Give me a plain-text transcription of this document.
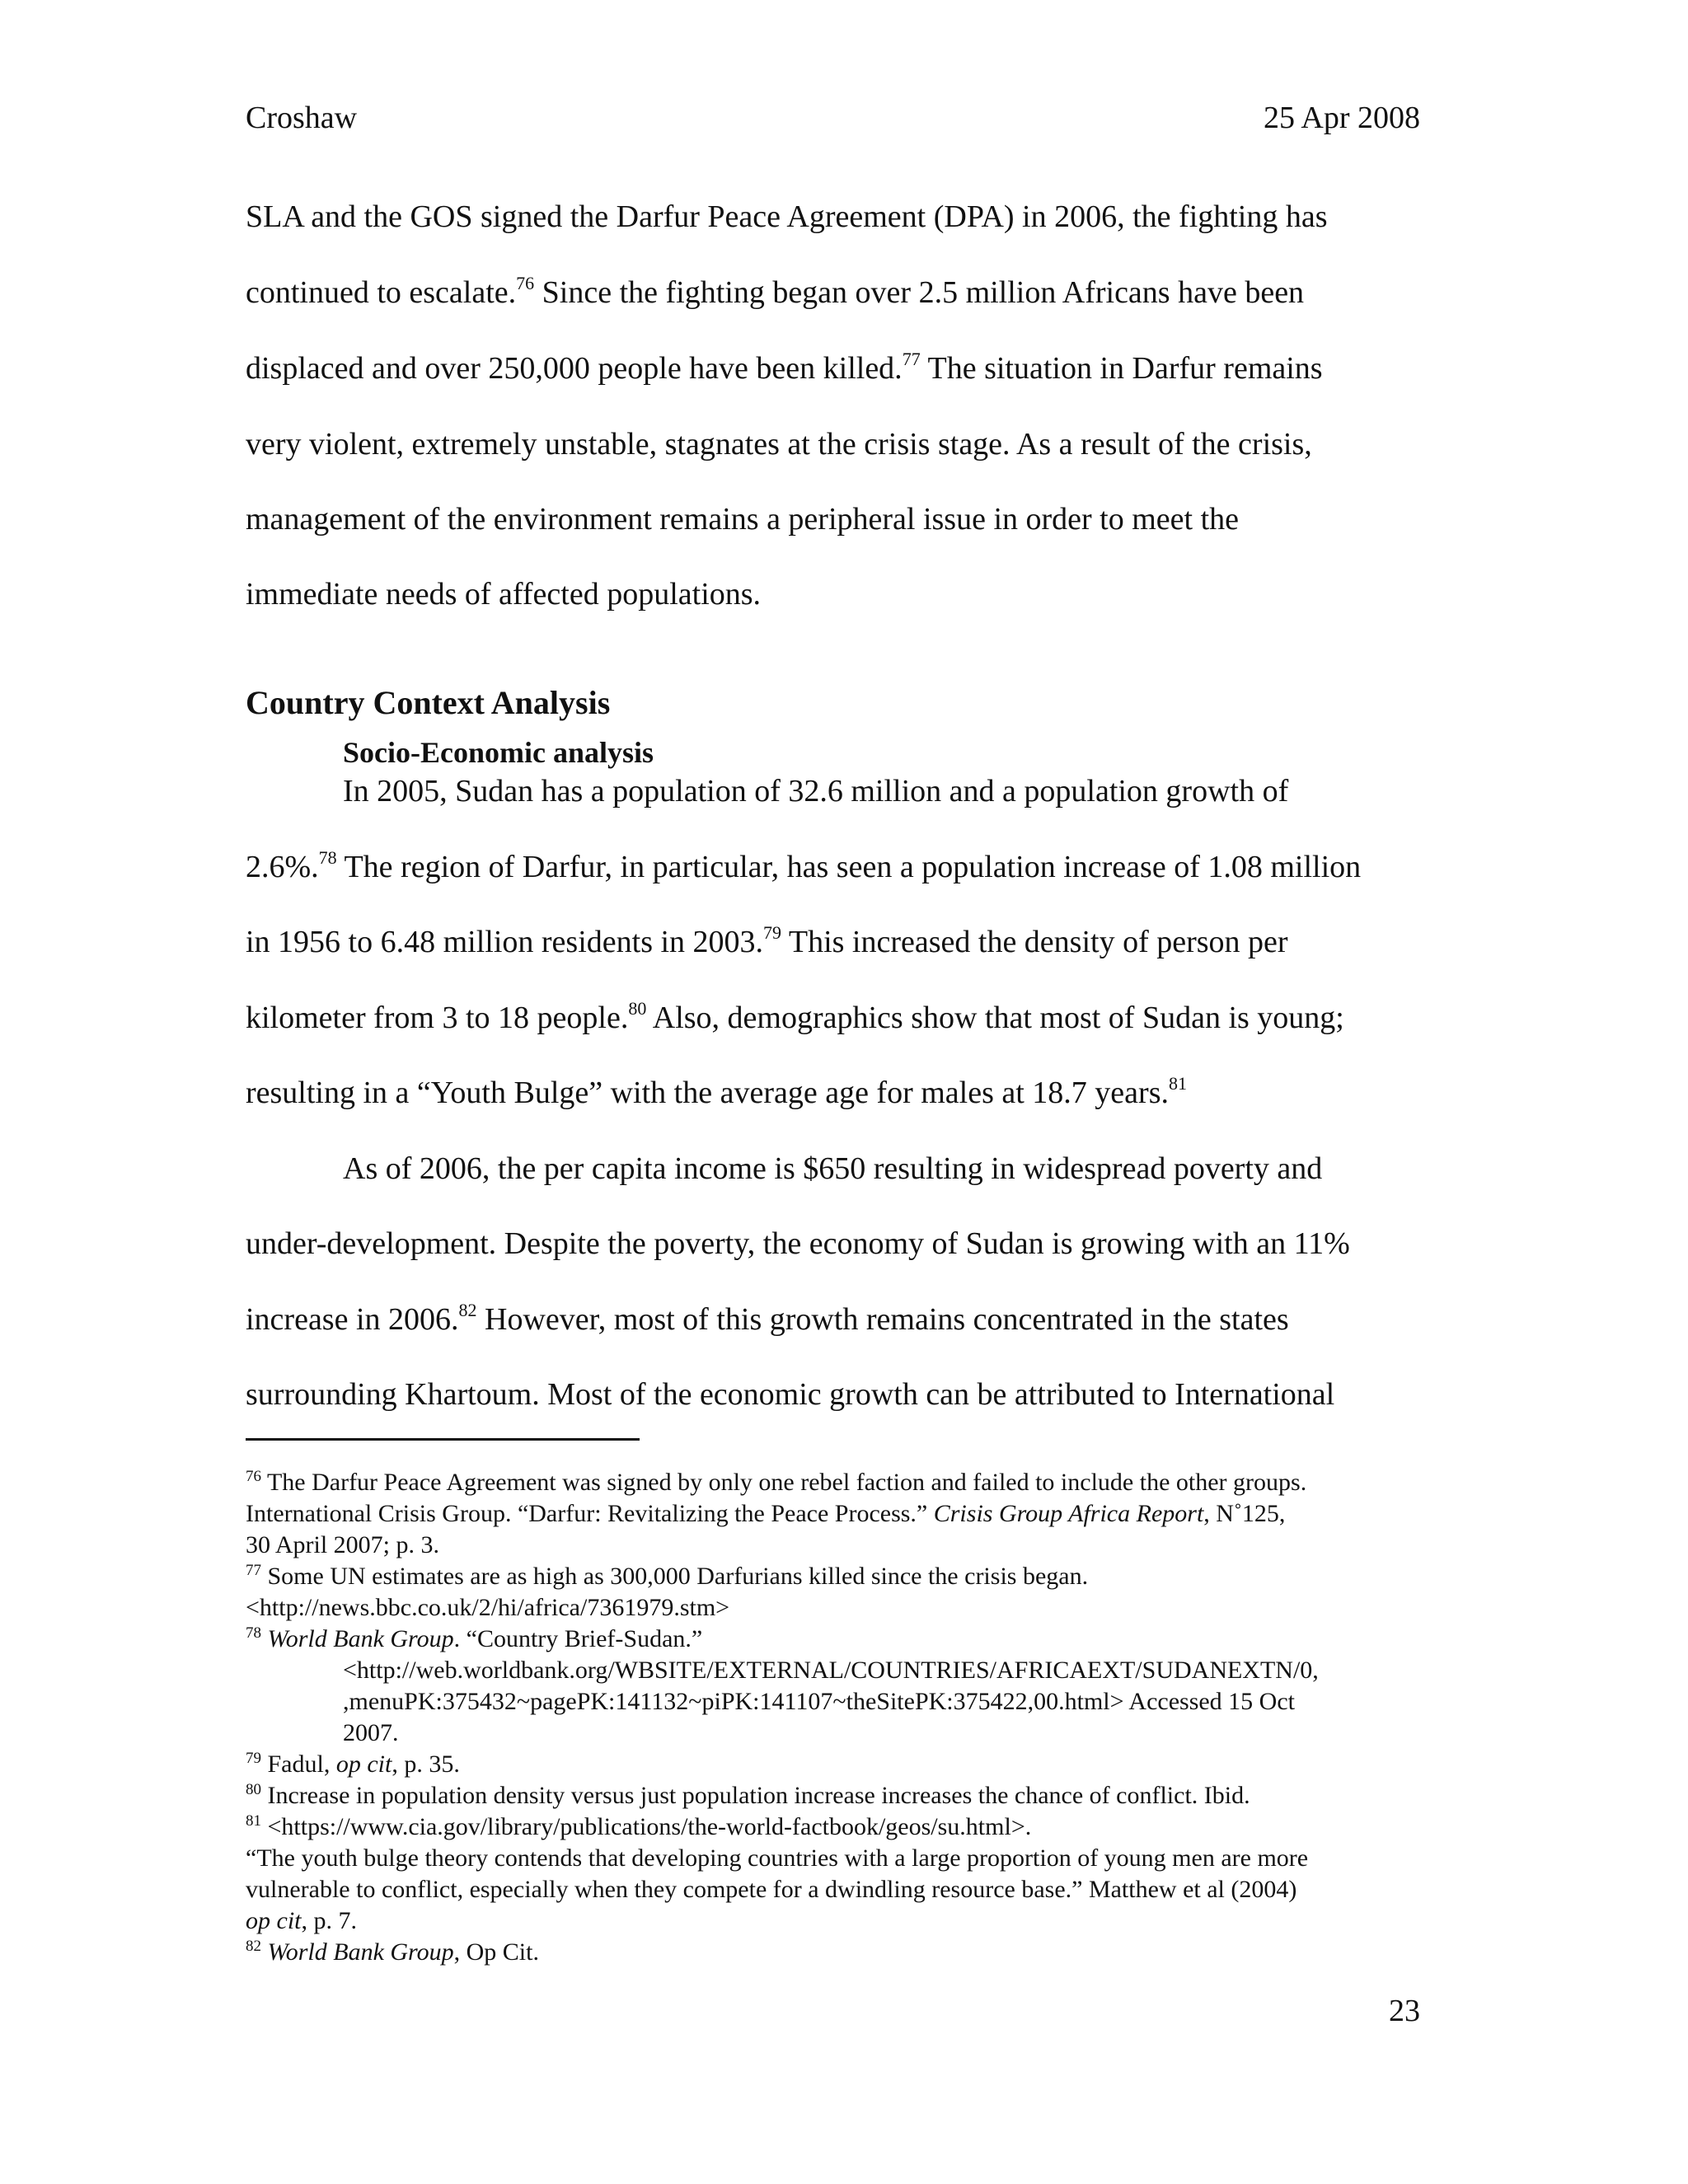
Croshaw	25 Apr 2008
SLA and the GOS signed the Darfur Peace Agreement (DPA) in 2006, the fighting has
continued to escalate.$^{76}$ Since the fighting began over 2.5 million Africans have been
displaced and over 250,000 people have been killed.$^{77}$ The situation in Darfur remains
very violent, extremely unstable, stagnates at the crisis stage. As a result of the crisis,
management of the environment remains a peripheral issue in order to meet the
immediate needs of affected populations.
Country Context Analysis
Socio-Economic analysis
In 2005, Sudan has a population of 32.6 million and a population growth of
2.6%.$^{78}$ The region of Darfur, in particular, has seen a population increase of 1.08 million
in 1956 to 6.48 million residents in 2003.79 This increased the density of person per
kilometer from 3 to 18 people.$^{80}$ Also, demographics show that most of Sudan is young;
resulting in a “Youth Bulge” with the average age for males at 18.7 years.$^{81}$
As of 2006, the per capita income is $650 resulting in widespread poverty and
under-development. Despite the poverty, the economy of Sudan is growing with an 11%
increase in 2006.82 However, most of this growth remains concentrated in the states
surrounding Khartoum. Most of the economic growth can be attributed to International
$^{76}$ The Darfur Peace Agreement was signed by only one rebel faction and failed to include the other groups.
International Crisis Group. “Darfur: Revitalizing the Peace Process.” Crisis Group Africa Report, N˚125,
30 April 2007; p. 3.
$^{77}$ Some UN estimates are as high as 300,000 Darfurians killed since the crisis began.
<http://news.bbc.co.uk/2/hi/africa/7361979.stm>
$^{78}$ World Bank Group. “Country Brief-Sudan.”
<http://web.worldbank.org/WBSITE/EXTERNAL/COUNTRIES/AFRICAEXT/SUDANEXTN/0,
,menuPK:375432~pagePK:141132~piPK:141107~theSitePK:375422,00.html> Accessed 15 Oct
2007.
$^{79}$ Fadul, op cit, p. 35.
$^{80}$ Increase in population density versus just population increase increases the chance of conflict. Ibid.
$^{81}$ <https://www.cia.gov/library/publications/the-world-factbook/geos/su.html>.
“The youth bulge theory contends that developing countries with a large proportion of young men are more
vulnerable to conflict, especially when they compete for a dwindling resource base.” Matthew et al (2004)
op cit, p. 7.
$^{82}$ World Bank Group, Op Cit.
23
